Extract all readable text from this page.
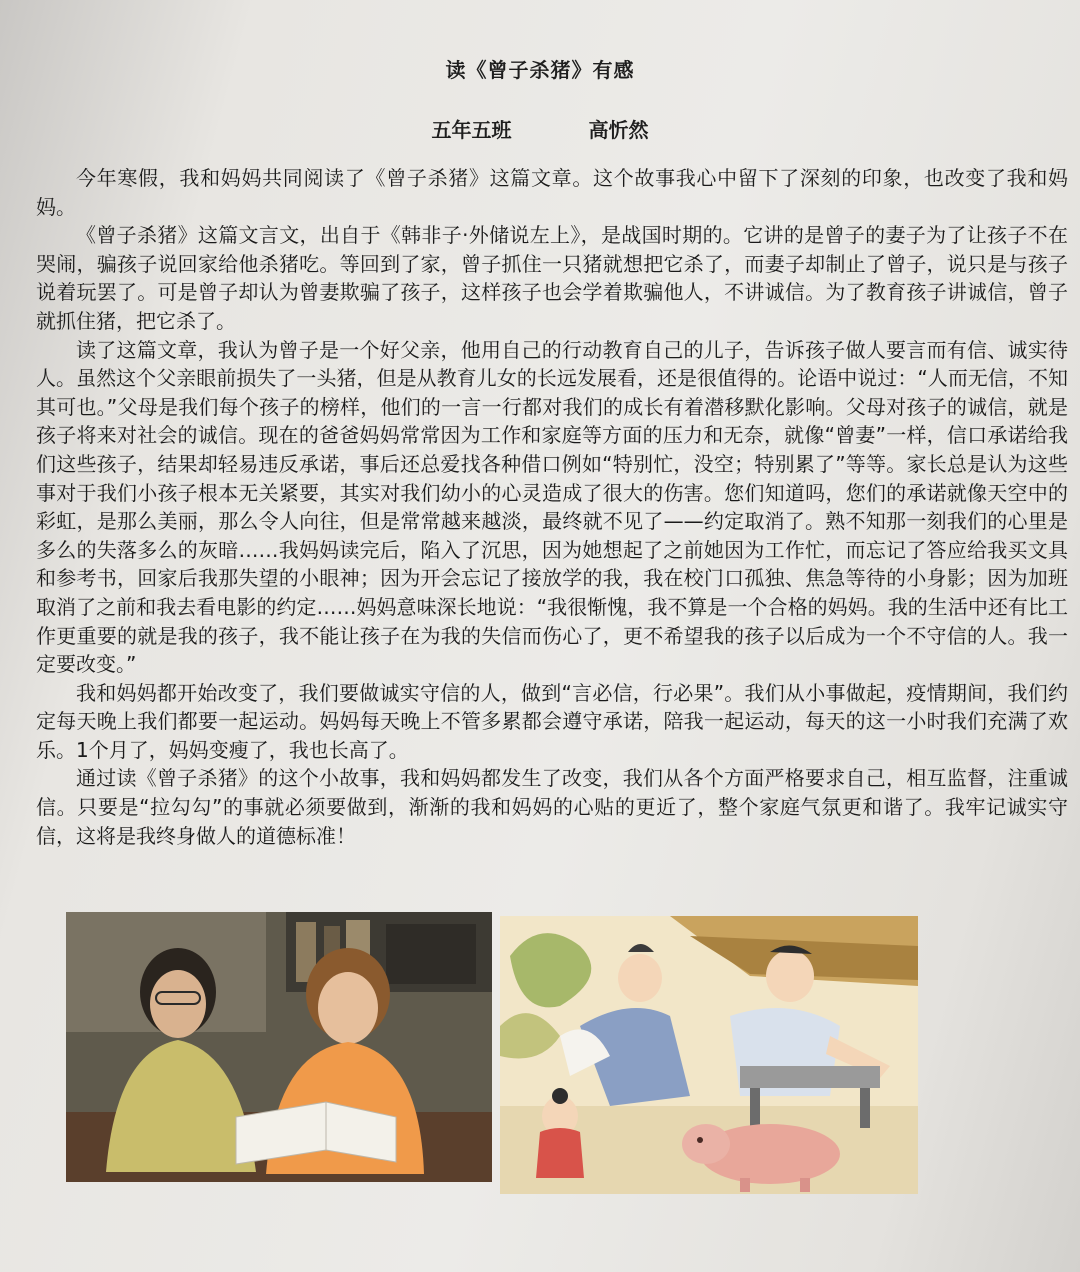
读《曾子杀猪》有感
五年五班	高忻然

今年寒假，我和妈妈共同阅读了《曾子杀猪》这篇文章。这个故事我心中留下了深刻的印象，也改变了我和妈妈。

《曾子杀猪》这篇文言文，出自于《韩非子·外储说左上》，是战国时期的。它讲的是曾子的妻子为了让孩子不在哭闹，骗孩子说回家给他杀猪吃。等回到了家，曾子抓住一只猪就想把它杀了，而妻子却制止了曾子，说只是与孩子说着玩罢了。可是曾子却认为曾妻欺骗了孩子，这样孩子也会学着欺骗他人，不讲诚信。为了教育孩子讲诚信，曾子就抓住猪，把它杀了。

读了这篇文章，我认为曾子是一个好父亲，他用自己的行动教育自己的儿子，告诉孩子做人要言而有信、诚实待人。虽然这个父亲眼前损失了一头猪，但是从教育儿女的长远发展看，还是很值得的。论语中说过：“人而无信，不知其可也。”父母是我们每个孩子的榜样，他们的一言一行都对我们的成长有着潜移默化影响。父母对孩子的诚信，就是孩子将来对社会的诚信。现在的爸爸妈妈常常因为工作和家庭等方面的压力和无奈，就像“曾妻”一样，信口承诺给我们这些孩子，结果却轻易违反承诺，事后还总爱找各种借口例如“特别忙，没空；特别累了”等等。家长总是认为这些事对于我们小孩子根本无关紧要，其实对我们幼小的心灵造成了很大的伤害。您们知道吗，您们的承诺就像天空中的彩虹，是那么美丽，那么令人向往，但是常常越来越淡，最终就不见了——约定取消了。熟不知那一刻我们的心里是多么的失落多么的灰暗……我妈妈读完后，陷入了沉思，因为她想起了之前她因为工作忙，而忘记了答应给我买文具和参考书，回家后我那失望的小眼神；因为开会忘记了接放学的我，我在校门口孤独、焦急等待的小身影；因为加班取消了之前和我去看电影的约定……妈妈意味深长地说：“我很惭愧，我不算是一个合格的妈妈。我的生活中还有比工作更重要的就是我的孩子，我不能让孩子在为我的失信而伤心了，更不希望我的孩子以后成为一个不守信的人。我一定要改变。”

我和妈妈都开始改变了，我们要做诚实守信的人，做到“言必信，行必果”。我们从小事做起，疫情期间，我们约定每天晚上我们都要一起运动。妈妈每天晚上不管多累都会遵守承诺，陪我一起运动，每天的这一小时我们充满了欢乐。1个月了，妈妈变瘦了，我也长高了。

通过读《曾子杀猪》的这个小故事，我和妈妈都发生了改变，我们从各个方面严格要求自己，相互监督，注重诚信。只要是“拉勾勾”的事就必须要做到，渐渐的我和妈妈的心贴的更近了，整个家庭气氛更和谐了。我牢记诚实守信，这将是我终身做人的道德标准！
